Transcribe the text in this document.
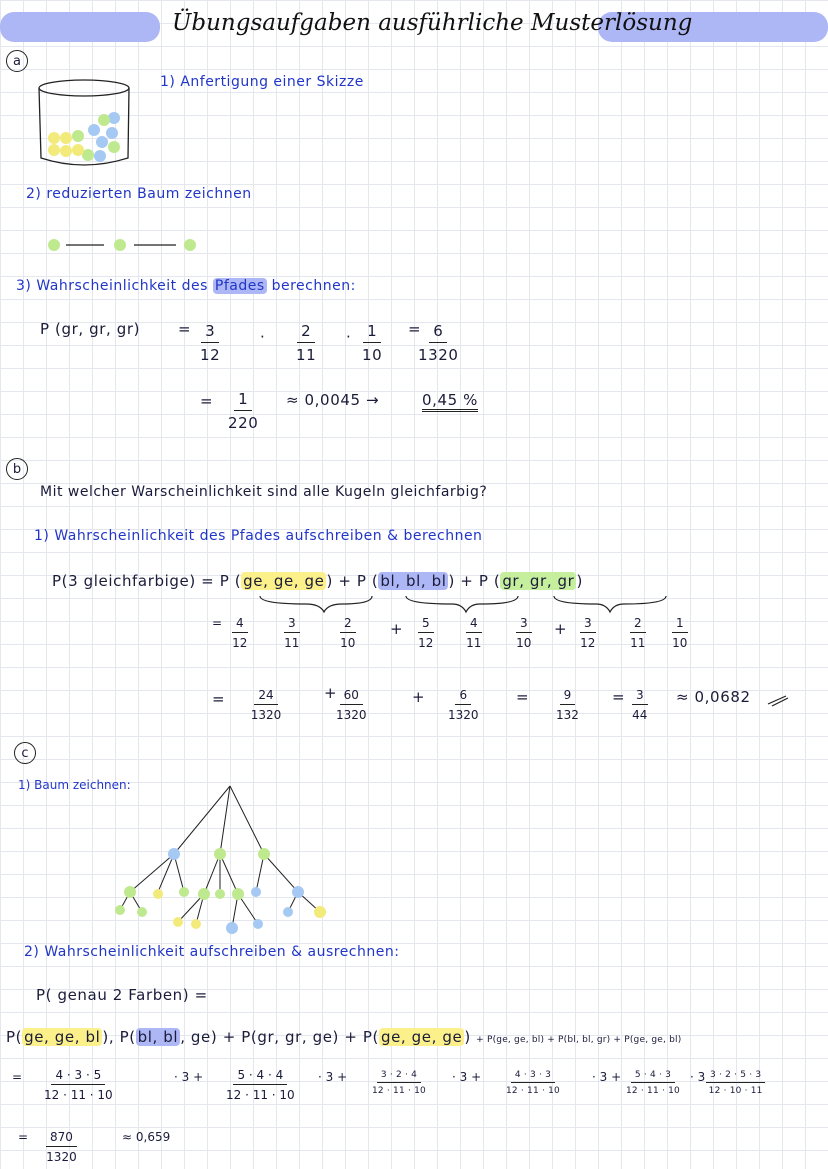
Übungsaufgaben ausführliche Musterlösung
a
1) Anfertigung einer Skizze
2) reduzierten Baum zeichnen
3) Wahrscheinlichkeit des Pfades berechnen:
P (gr, gr, gr)	= $\frac{3}{12}$	· $\frac{2}{11} \cdot \frac{1}{10}$ =
$\frac{6}{1320}$
= $\frac{1}{220} \approx 0,0045$ →	0,45 %
b
Mit welcher Warscheinlichkeit sind alle Kugeln gleichfarbig?
1) Wahrscheinlichkeit des Pfades aufschreiben & berechnen
P(3 gleichfarbige) = P ( ge, ge, ge ) + P ( bl, bl, bl ) + P ( gr, gr, gr )
= $\frac{4}{12}$	$\frac{3}{11}$	$\frac{2}{10} + \frac{5}{12}$	$\frac{4}{11}$	$\frac{3}{10} + \frac{3}{12}$	$\frac{2}{11} \frac{1}{10}$
= $\frac{24}{1320}$ +
$\frac{60}{1320}$	+ $\frac{6}{1320} = \frac{9}{132} = \frac{3}{44} \approx 0,0682$
c
1) Baum zeichnen:
2) Wahrscheinlichkeit aufschreiben & ausrechnen:
P( genau 2 Farben) =
P( ge, ge, bl ), P( bl, bl , ge) + P(gr, gr, ge) + P( ge, ge, ge ) + P(ge, ge, bl) + P(bl, bl, gr) + P(ge, ge, bl)
= $\frac{4 \cdot 3 \cdot 5}{12 \cdot 11 \cdot 10}$	· $3 + \frac{5 \cdot 4 \cdot 4}{12 \cdot 11 \cdot 10} \cdot 3$ +	$\frac{3 \cdot 2 \cdot 4}{12 \cdot 11 \cdot 10} \cdot 3$ +	$\frac{4 \cdot 3 \cdot 3}{12 \cdot 11 \cdot 10}$	· $3 + \frac{5 \cdot 4 \cdot 3}{12 \cdot 11 \cdot 10} \cdot 3 \frac{3 \cdot 2 \cdot 5 \cdot 3}{12 \cdot 10 \cdot 11}$
= $\frac{870}{1320}$	≈ 0,659
